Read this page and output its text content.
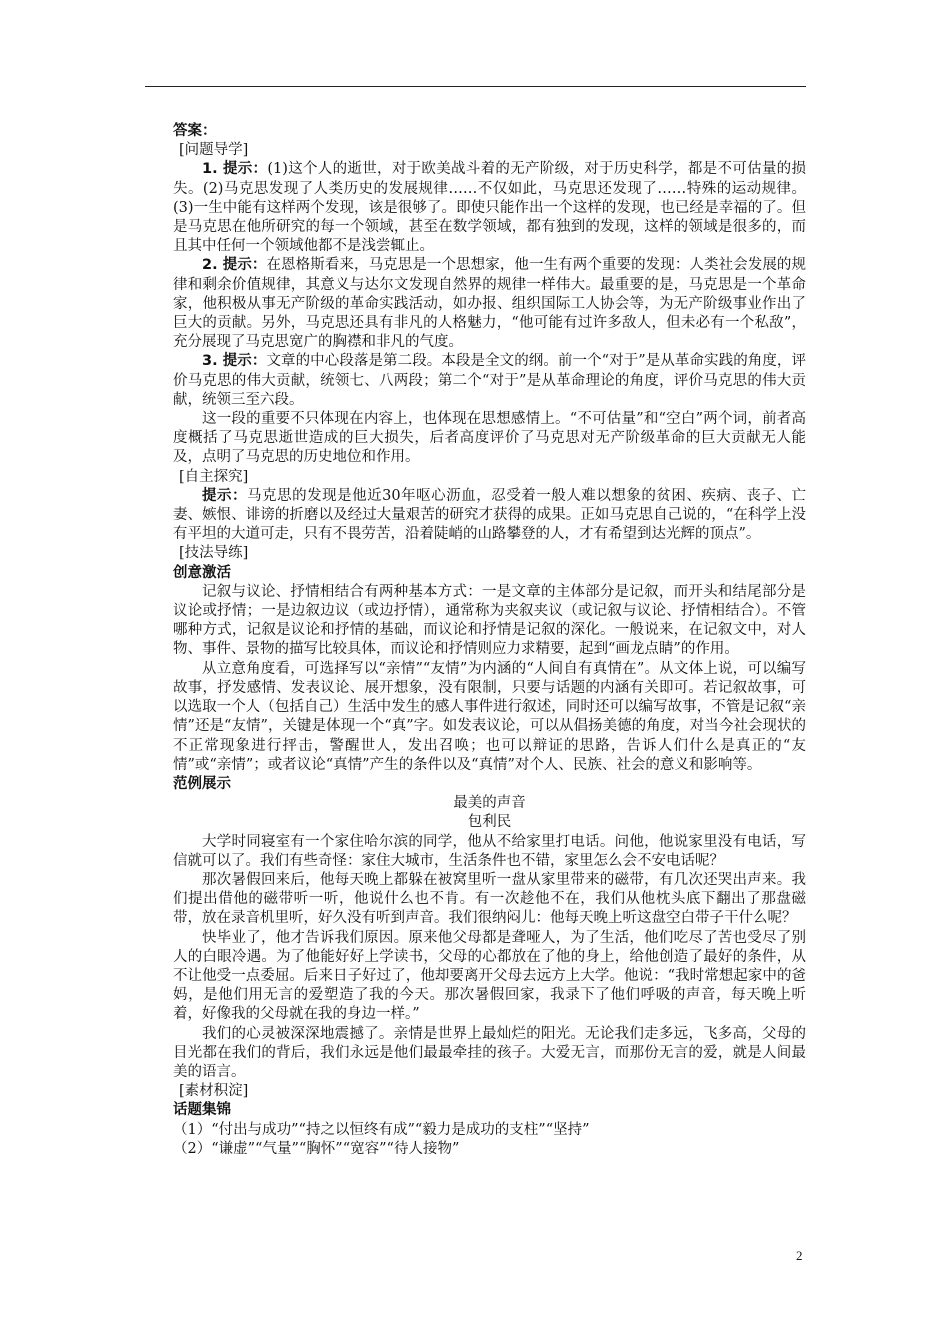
答案：

[问题导学]

1. 提示：(1)这个人的逝世，对于欧美战斗着的无产阶级，对于历史科学，都是不可估量的损失。(2)马克思发现了人类历史的发展规律……不仅如此，马克思还发现了……特殊的运动规律。(3)一生中能有这样两个发现，该是很够了。即使只能作出一个这样的发现，也已经是幸福的了。但是马克思在他所研究的每一个领域，甚至在数学领域，都有独到的发现，这样的领域是很多的，而且其中任何一个领域他都不是浅尝辄止。

2. 提示：在恩格斯看来，马克思是一个思想家，他一生有两个重要的发现：人类社会发展的规律和剩余价值规律，其意义与达尔文发现自然界的规律一样伟大。最重要的是，马克思是一个革命家，他积极从事无产阶级的革命实践活动，如办报、组织国际工人协会等，为无产阶级事业作出了巨大的贡献。另外，马克思还具有非凡的人格魅力，“他可能有过许多敌人，但未必有一个私敌”，充分展现了马克思宽广的胸襟和非凡的气度。

3. 提示：文章的中心段落是第二段。本段是全文的纲。前一个“对于”是从革命实践的角度，评价马克思的伟大贡献，统领七、八两段；第二个“对于”是从革命理论的角度，评价马克思的伟大贡献，统领三至六段。

这一段的重要不只体现在内容上，也体现在思想感情上。“不可估量”和“空白”两个词，前者高度概括了马克思逝世造成的巨大损失，后者高度评价了马克思对无产阶级革命的巨大贡献无人能及，点明了马克思的历史地位和作用。

[自主探究]

提示：马克思的发现是他近30年呕心沥血，忍受着一般人难以想象的贫困、疾病、丧子、亡妻、嫉恨、诽谤的折磨以及经过大量艰苦的研究才获得的成果。正如马克思自己说的，“在科学上没有平坦的大道可走，只有不畏劳苦，沿着陡峭的山路攀登的人，才有希望到达光辉的顶点”。

[技法导练]

创意激活

记叙与议论、抒情相结合有两种基本方式：一是文章的主体部分是记叙，而开头和结尾部分是议论或抒情；一是边叙边议（或边抒情），通常称为夹叙夹议（或记叙与议论、抒情相结合）。不管哪种方式，记叙是议论和抒情的基础，而议论和抒情是记叙的深化。一般说来，在记叙文中，对人物、事件、景物的描写比较具体，而议论和抒情则应力求精要，起到“画龙点睛”的作用。

从立意角度看，可选择写以“亲情”“友情”为内涵的“人间自有真情在”。从文体上说，可以编写故事，抒发感情、发表议论、展开想象，没有限制，只要与话题的内涵有关即可。若记叙故事，可以选取一个人（包括自己）生活中发生的感人事件进行叙述，同时还可以编写故事，不管是记叙“亲情”还是“友情”，关键是体现一个“真”字。如发表议论，可以从倡扬美德的角度，对当今社会现状的不正常现象进行抨击，警醒世人，发出召唤；也可以辩证的思路，告诉人们什么是真正的“友情”或“亲情”；或者议论“真情”产生的条件以及“真情”对个人、民族、社会的意义和影响等。

范例展示

最美的声音

包利民

大学时同寝室有一个家住哈尔滨的同学，他从不给家里打电话。问他，他说家里没有电话，写信就可以了。我们有些奇怪：家住大城市，生活条件也不错，家里怎么会不安电话呢？

那次暑假回来后，他每天晚上都躲在被窝里听一盘从家里带来的磁带，有几次还哭出声来。我们提出借他的磁带听一听，他说什么也不肯。有一次趁他不在，我们从他枕头底下翻出了那盘磁带，放在录音机里听，好久没有听到声音。我们很纳闷儿：他每天晚上听这盘空白带子干什么呢？

快毕业了，他才告诉我们原因。原来他父母都是聋哑人，为了生活，他们吃尽了苦也受尽了别人的白眼冷遇。为了他能好好上学读书，父母的心都放在了他的身上，给他创造了最好的条件，从不让他受一点委屈。后来日子好过了，他却要离开父母去远方上大学。他说：“我时常想起家中的爸妈，是他们用无言的爱塑造了我的今天。那次暑假回家，我录下了他们呼吸的声音，每天晚上听着，好像我的父母就在我的身边一样。”

我们的心灵被深深地震撼了。亲情是世界上最灿烂的阳光。无论我们走多远，飞多高，父母的目光都在我们的背后，我们永远是他们最最牵挂的孩子。大爱无言，而那份无言的爱，就是人间最美的语言。

[素材积淀]

话题集锦

（1）“付出与成功”“持之以恒终有成”“毅力是成功的支柱”“坚持”

（2）“谦虚”“气量”“胸怀”“宽容”“待人接物”

2
